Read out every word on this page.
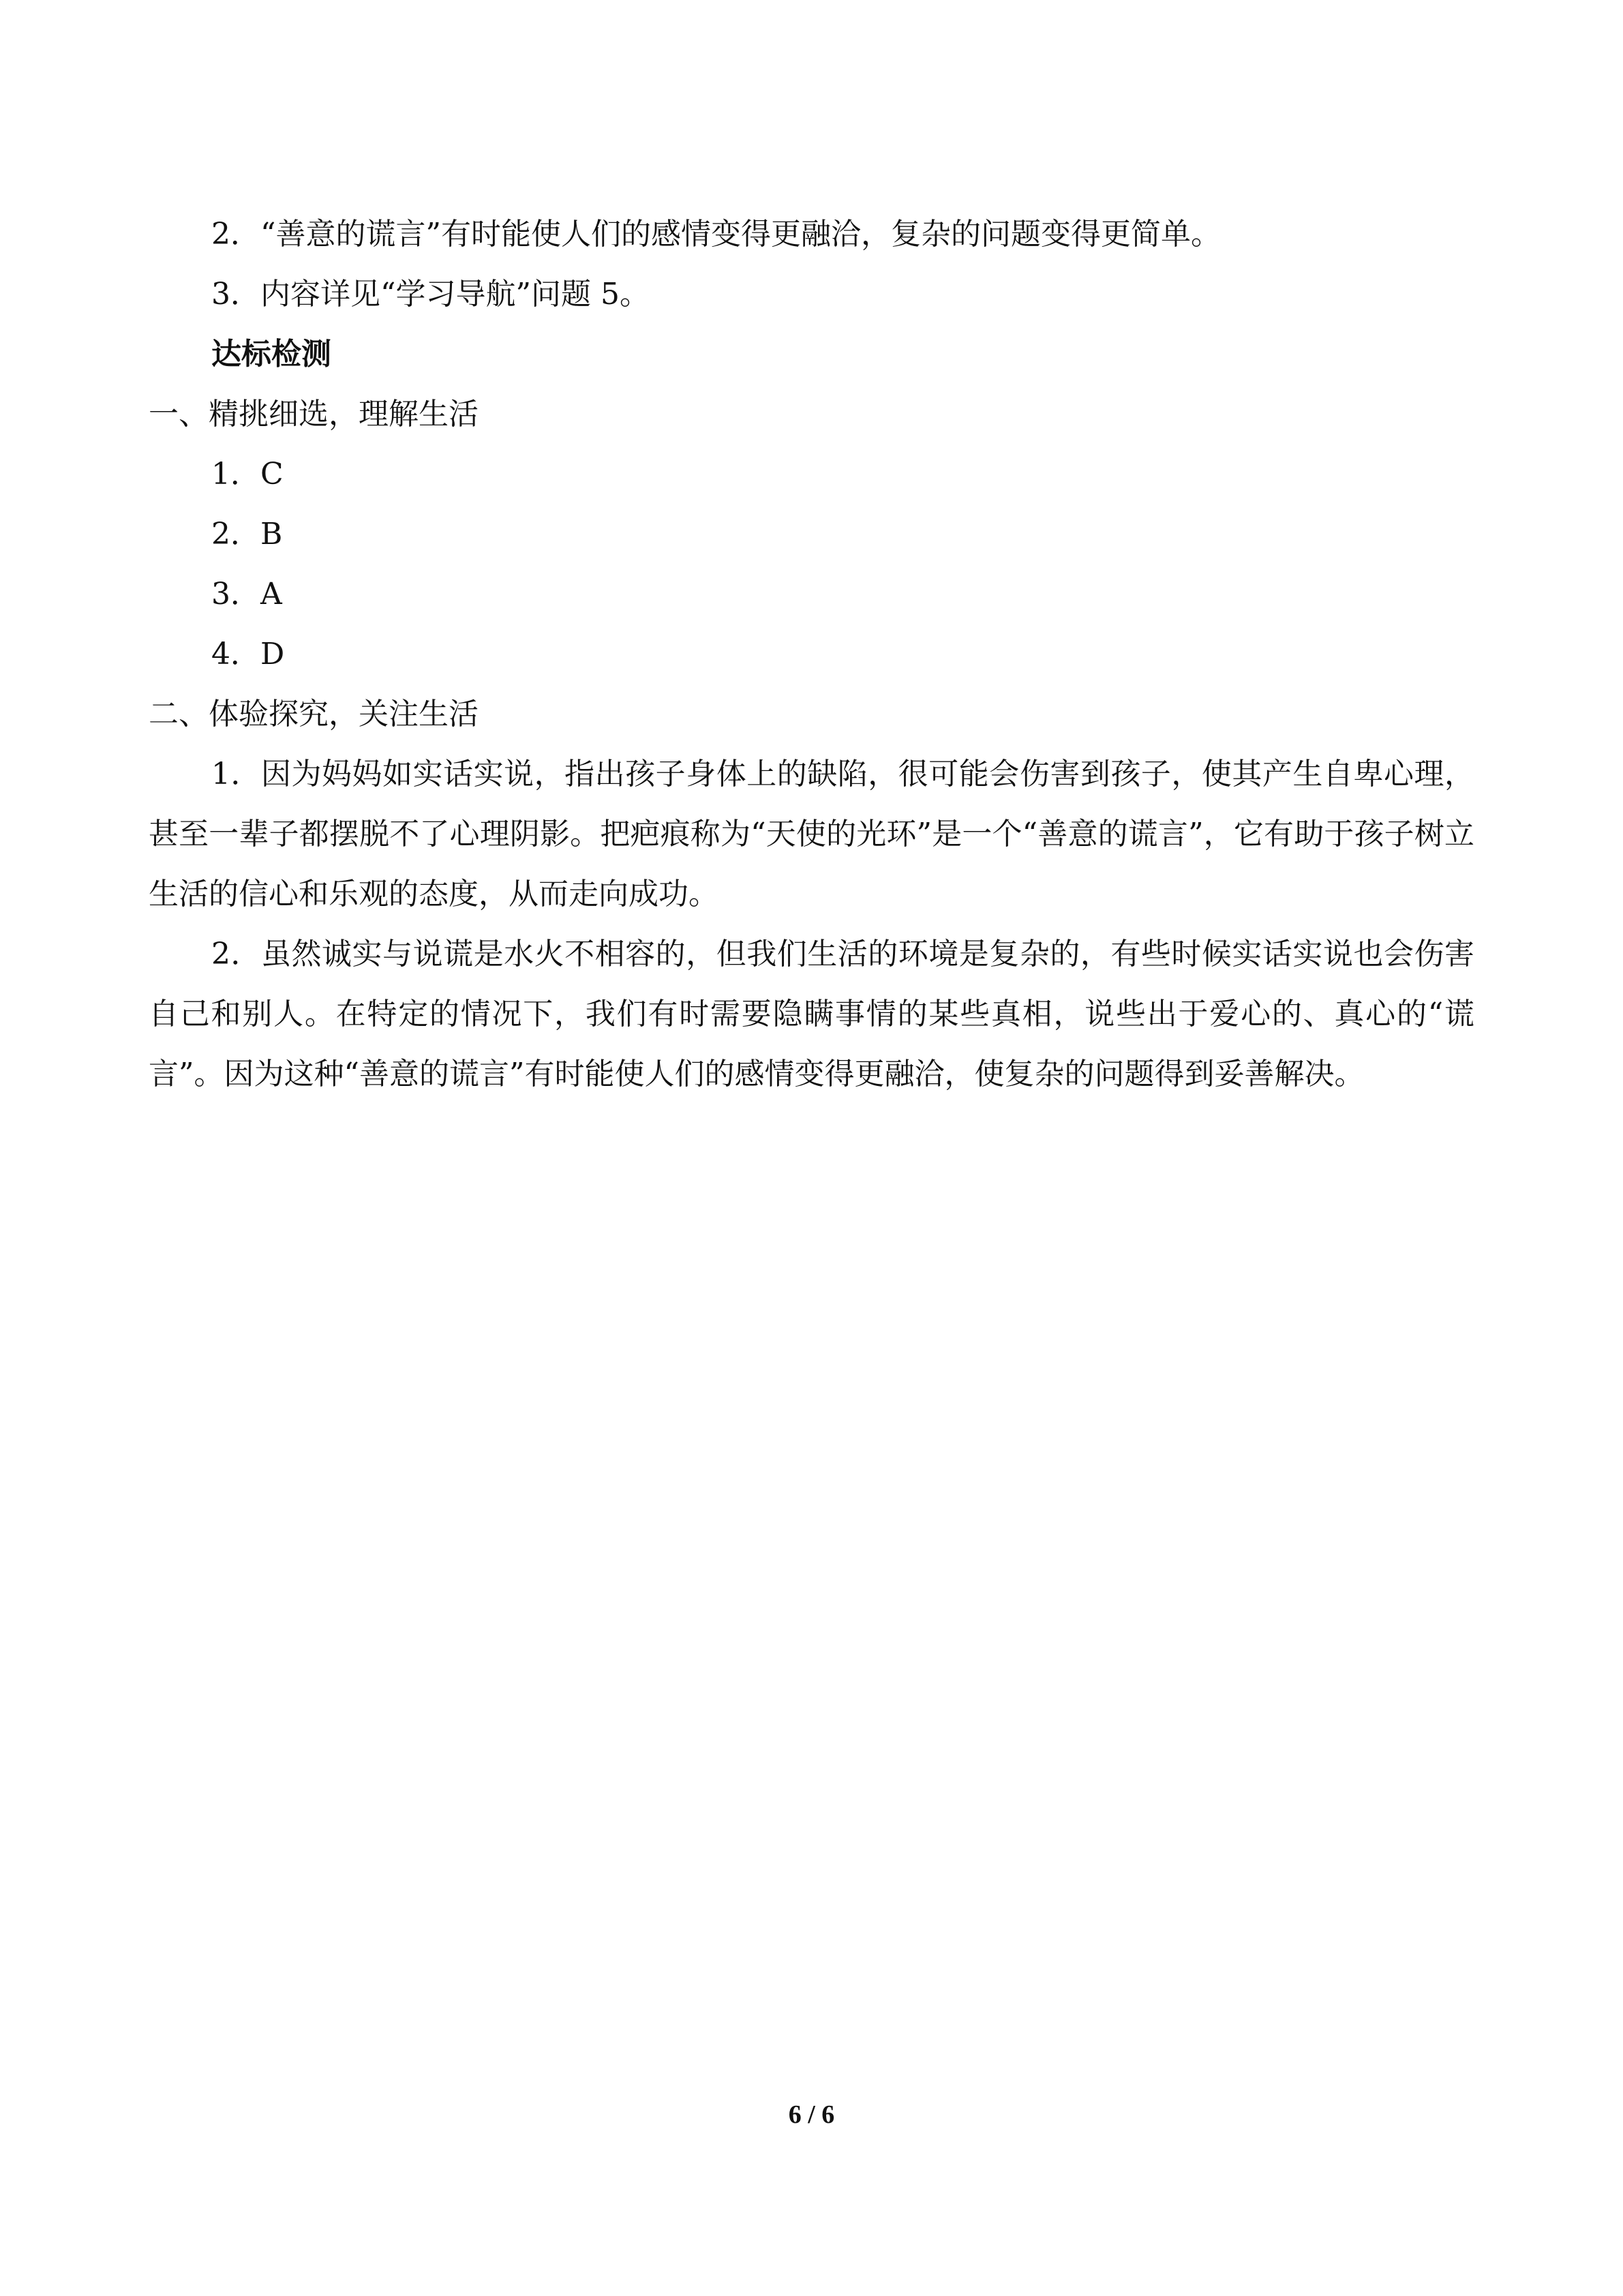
2．“善意的谎言”有时能使人们的感情变得更融洽，复杂的问题变得更简单。
3．内容详见“学习导航”问题 5。
达标检测
一、精挑细选，理解生活
1．C
2．B
3．A
4．D
二、体验探究，关注生活

1．因为妈妈如实话实说，指出孩子身体上的缺陷，很可能会伤害到孩子，使其产生自卑心理，甚至一辈子都摆脱不了心理阴影。把疤痕称为“天使的光环”是一个“善意的谎言”，它有助于孩子树立生活的信心和乐观的态度，从而走向成功。

2．虽然诚实与说谎是水火不相容的，但我们生活的环境是复杂的，有些时候实话实说也会伤害自己和别人。在特定的情况下，我们有时需要隐瞒事情的某些真相，说些出于爱心的、真心的“谎言”。因为这种“善意的谎言”有时能使人们的感情变得更融洽，使复杂的问题得到妥善解决。

6 / 6
